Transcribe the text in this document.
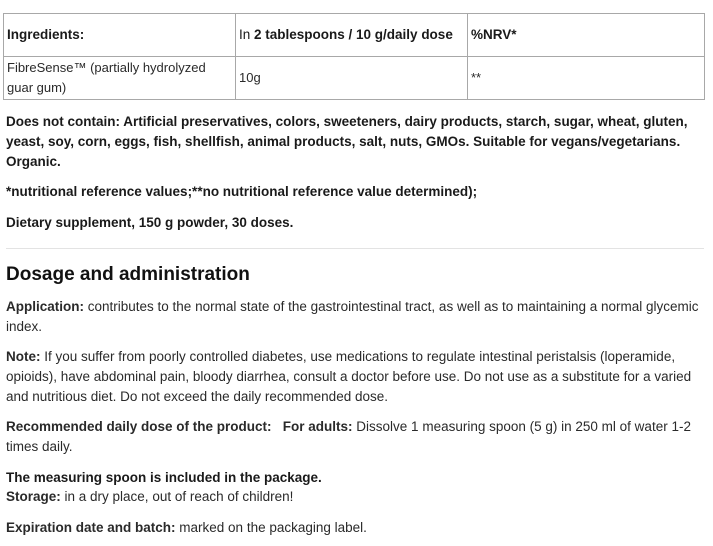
Ingredients:	In 2 tablespoons / 10 g/daily dose	%NRV*
FibreSense™ (partially hydrolyzed guar gum)	10g	**

Does not contain: Artificial preservatives, colors, sweeteners, dairy products, starch, sugar, wheat, gluten, yeast, soy, corn, eggs, fish, shellfish, animal products, salt, nuts, GMOs. Suitable for vegans/vegetarians. Organic.

*nutritional reference values;**no nutritional reference value determined);

Dietary supplement, 150 g powder, 30 doses.

Dosage and administration

Application: contributes to the normal state of the gastrointestinal tract, as well as to maintaining a normal glycemic index.

Note: If you suffer from poorly controlled diabetes, use medications to regulate intestinal peristalsis (loperamide, opioids), have abdominal pain, bloody diarrhea, consult a doctor before use. Do not use as a substitute for a varied and nutritious diet. Do not exceed the daily recommended dose.

Recommended daily dose of the product: For adults: Dissolve 1 measuring spoon (5 g) in 250 ml of water 1-2 times daily.

The measuring spoon is included in the package.

Storage: in a dry place, out of reach of children!

Expiration date and batch: marked on the packaging label.
